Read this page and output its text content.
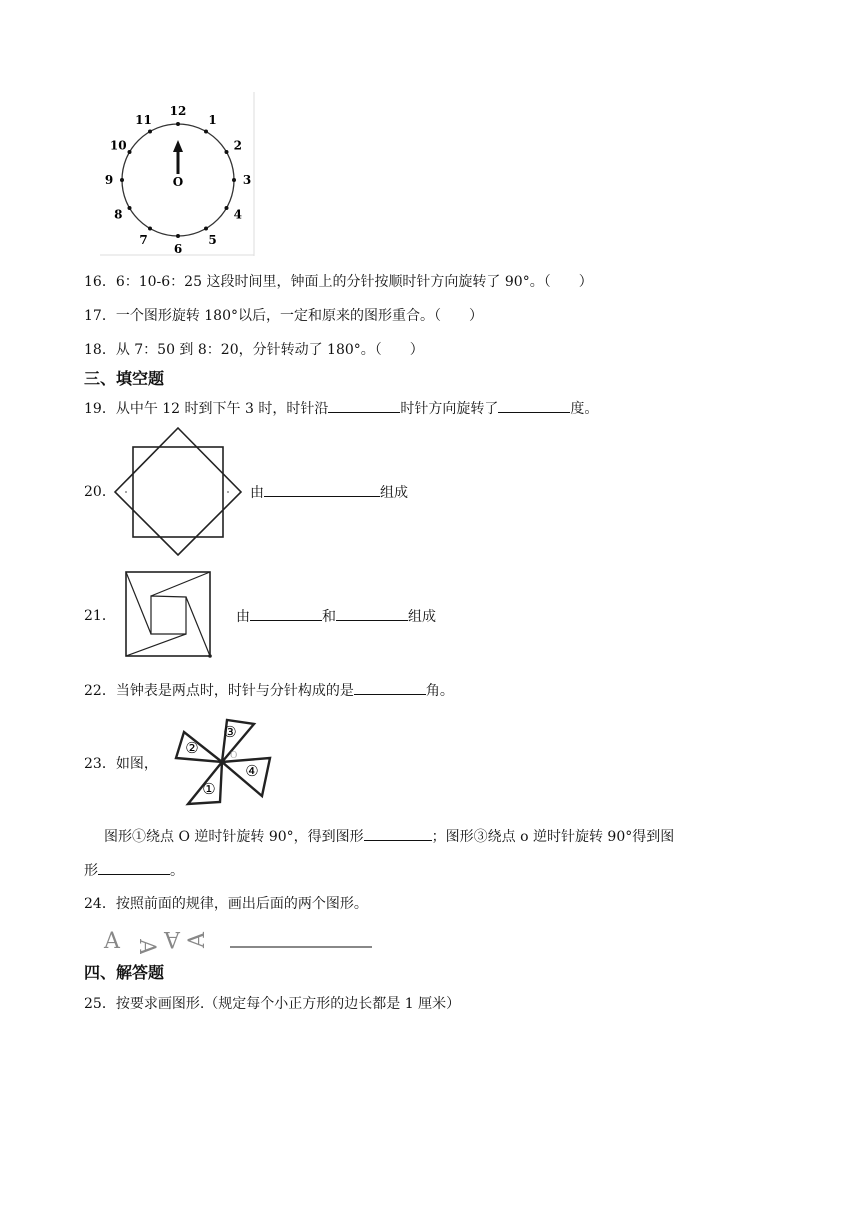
12
1
2
3
4
5
6
7
8
9
10
11
O
16．6：10-6：25 这段时间里，钟面上的分针按顺时针方向旋转了 90°。（　　）
17．一个图形旋转 180°以后，一定和原来的图形重合。（　　）
18．从 7：50 到 8：20，分针转动了 180°。（　　）
三、填空题
19．从中午 12 时到下午 3 时，时针沿	时针方向旋转了	度。
20．	由	组成
21．	由	和	组成
22．当钟表是两点时，时针与分针构成的是	角。
23．如图，
①
②
③
④
O
图形①绕点 O 逆时针旋转 90°，得到图形	；图形③绕点 o 逆时针旋转 90°得到图
形	。
24．按照前面的规律，画出后面的两个图形。
A A A A
四、解答题
25．按要求画图形.（规定每个小正方形的边长都是 1 厘米）
